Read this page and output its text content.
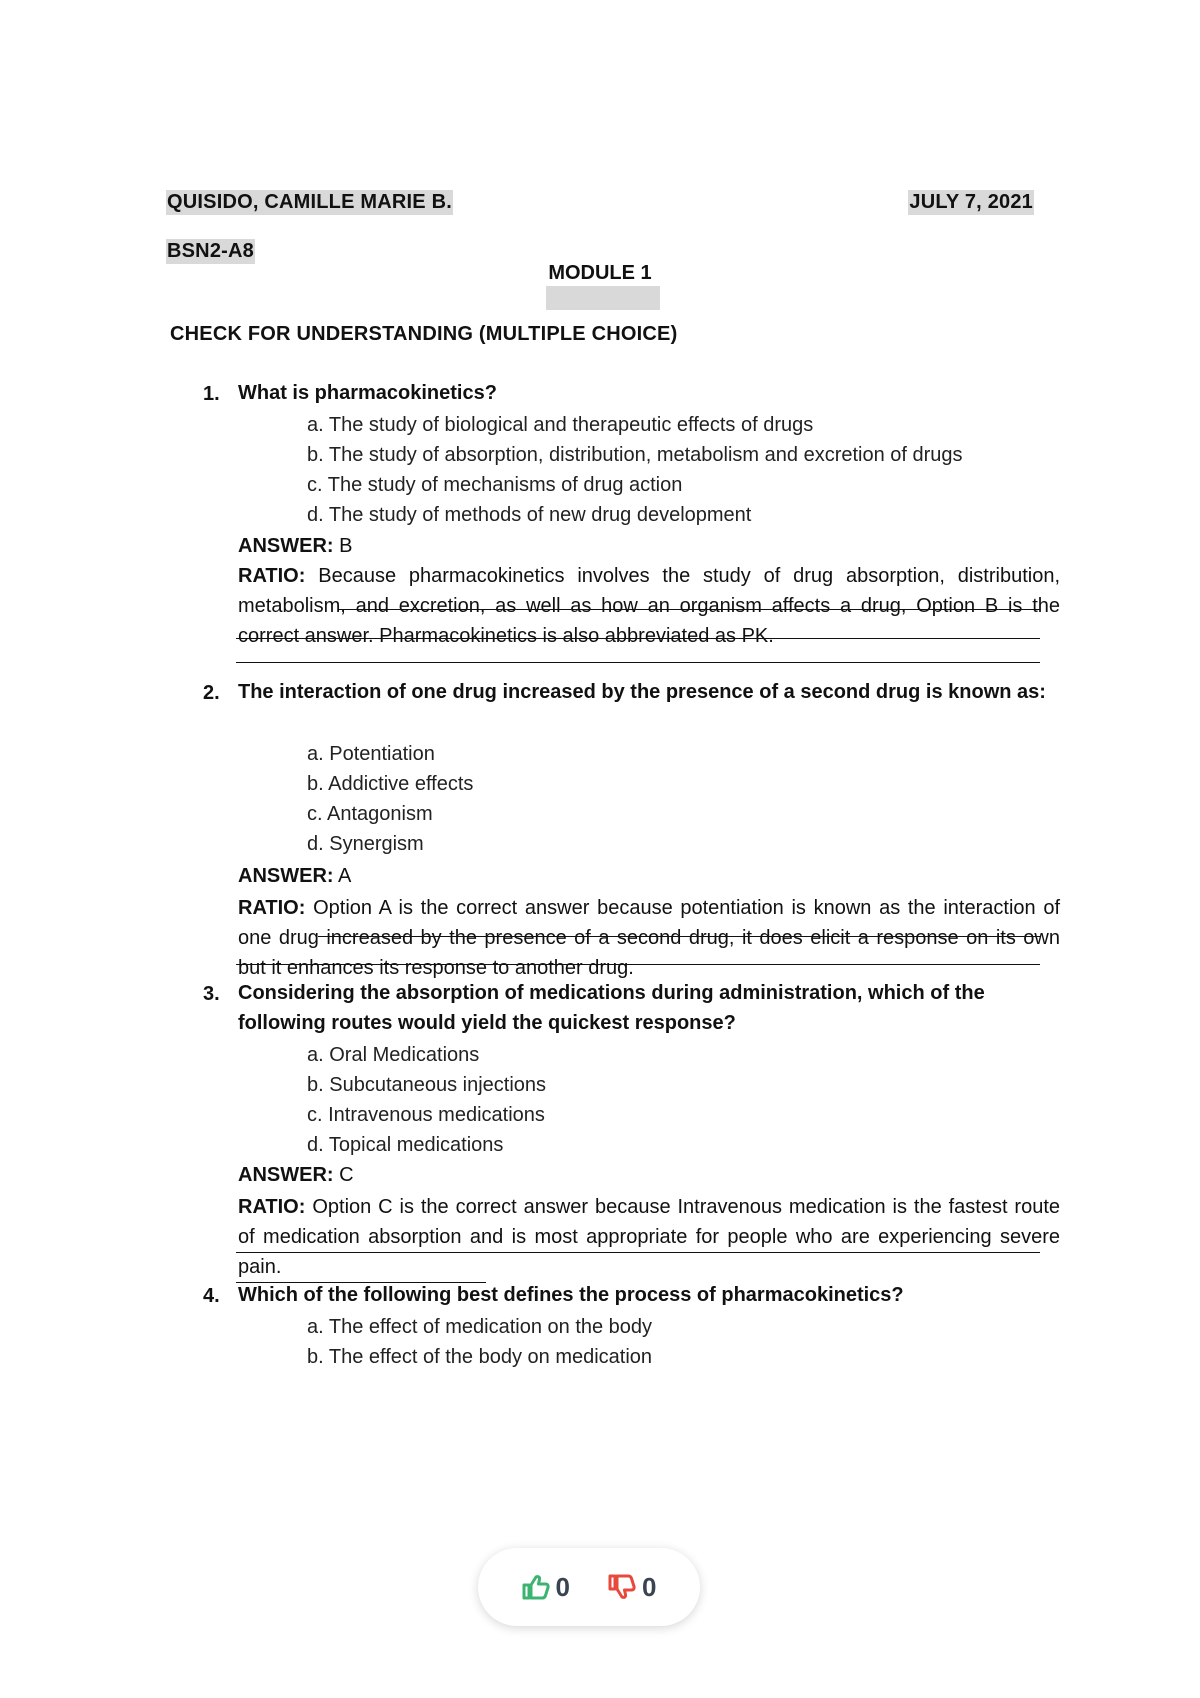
QUISIDO, CAMILLE MARIE B.	JULY 7, 2021
BSN2-A8
MODULE 1
CHECK FOR UNDERSTANDING (MULTIPLE CHOICE)
1. What is pharmacokinetics?
a. The study of biological and therapeutic effects of drugs
b. The study of absorption, distribution, metabolism and excretion of drugs
c. The study of mechanisms of drug action
d. The study of methods of new drug development
ANSWER: B
RATIO: Because pharmacokinetics involves the study of drug absorption, distribution, metabolism, and excretion, as well as how an organism affects a drug, Option B is the correct answer. Pharmacokinetics is also abbreviated as PK.
2. The interaction of one drug increased by the presence of a second drug is known as:
a. Potentiation
b. Addictive effects
c. Antagonism
d. Synergism
ANSWER: A
RATIO: Option A is the correct answer because potentiation is known as the interaction of one drug increased by the presence of a second drug, it does elicit a response on its own but it enhances its response to another drug.
3. Considering the absorption of medications during administration, which of the following routes would yield the quickest response?
a. Oral Medications
b. Subcutaneous injections
c. Intravenous medications
d. Topical medications
ANSWER: C
RATIO: Option C is the correct answer because Intravenous medication is the fastest route of medication absorption and is most appropriate for people who are experiencing severe pain.
4. Which of the following best defines the process of pharmacokinetics?
a. The effect of medication on the body
b. The effect of the body on medication
0	0
